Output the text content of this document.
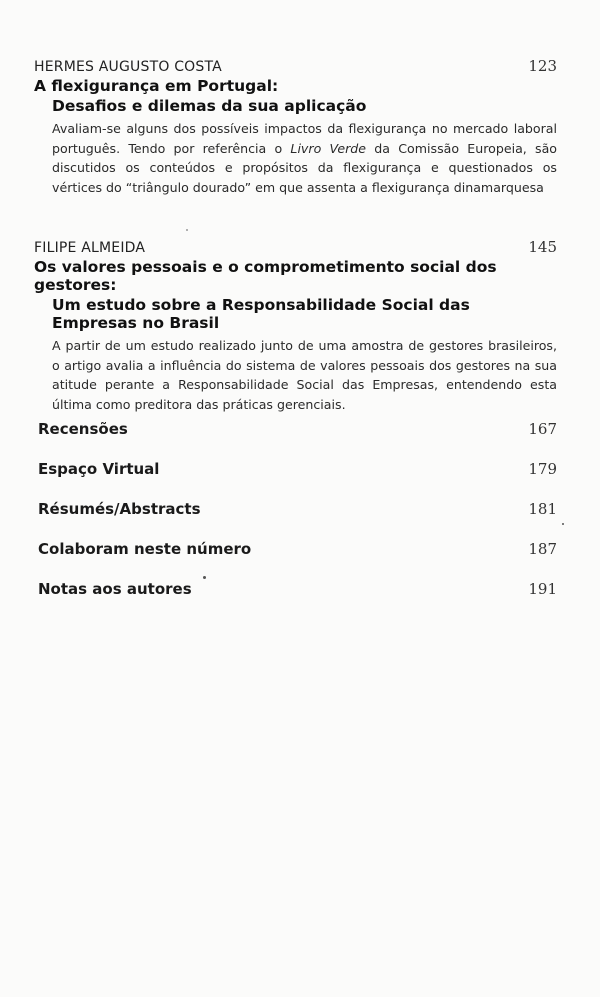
HERMES AUGUSTO COSTA	123
A flexigurança em Portugal:
Desafios e dilemas da sua aplicação
Avaliam-se alguns dos possíveis impactos da flexigurança no mercado laboral português. Tendo por referência o Livro Verde da Comissão Europeia, são discutidos os conteúdos e propósitos da flexigurança e questionados os vértices do “triângulo dourado” em que assenta a flexigurança dinamarquesa
FILIPE ALMEIDA	145
Os valores pessoais e o comprometimento social dos gestores:
Um estudo sobre a Responsabilidade Social das Empresas no Brasil
A partir de um estudo realizado junto de uma amostra de gestores brasileiros, o artigo avalia a influência do sistema de valores pessoais dos gestores na sua atitude perante a Responsabilidade Social das Empresas, entendendo esta última como preditora das práticas gerenciais.
Recensões	167
Espaço Virtual	179
Résumés/Abstracts	181
Colaboram neste número	187
Notas aos autores	191
